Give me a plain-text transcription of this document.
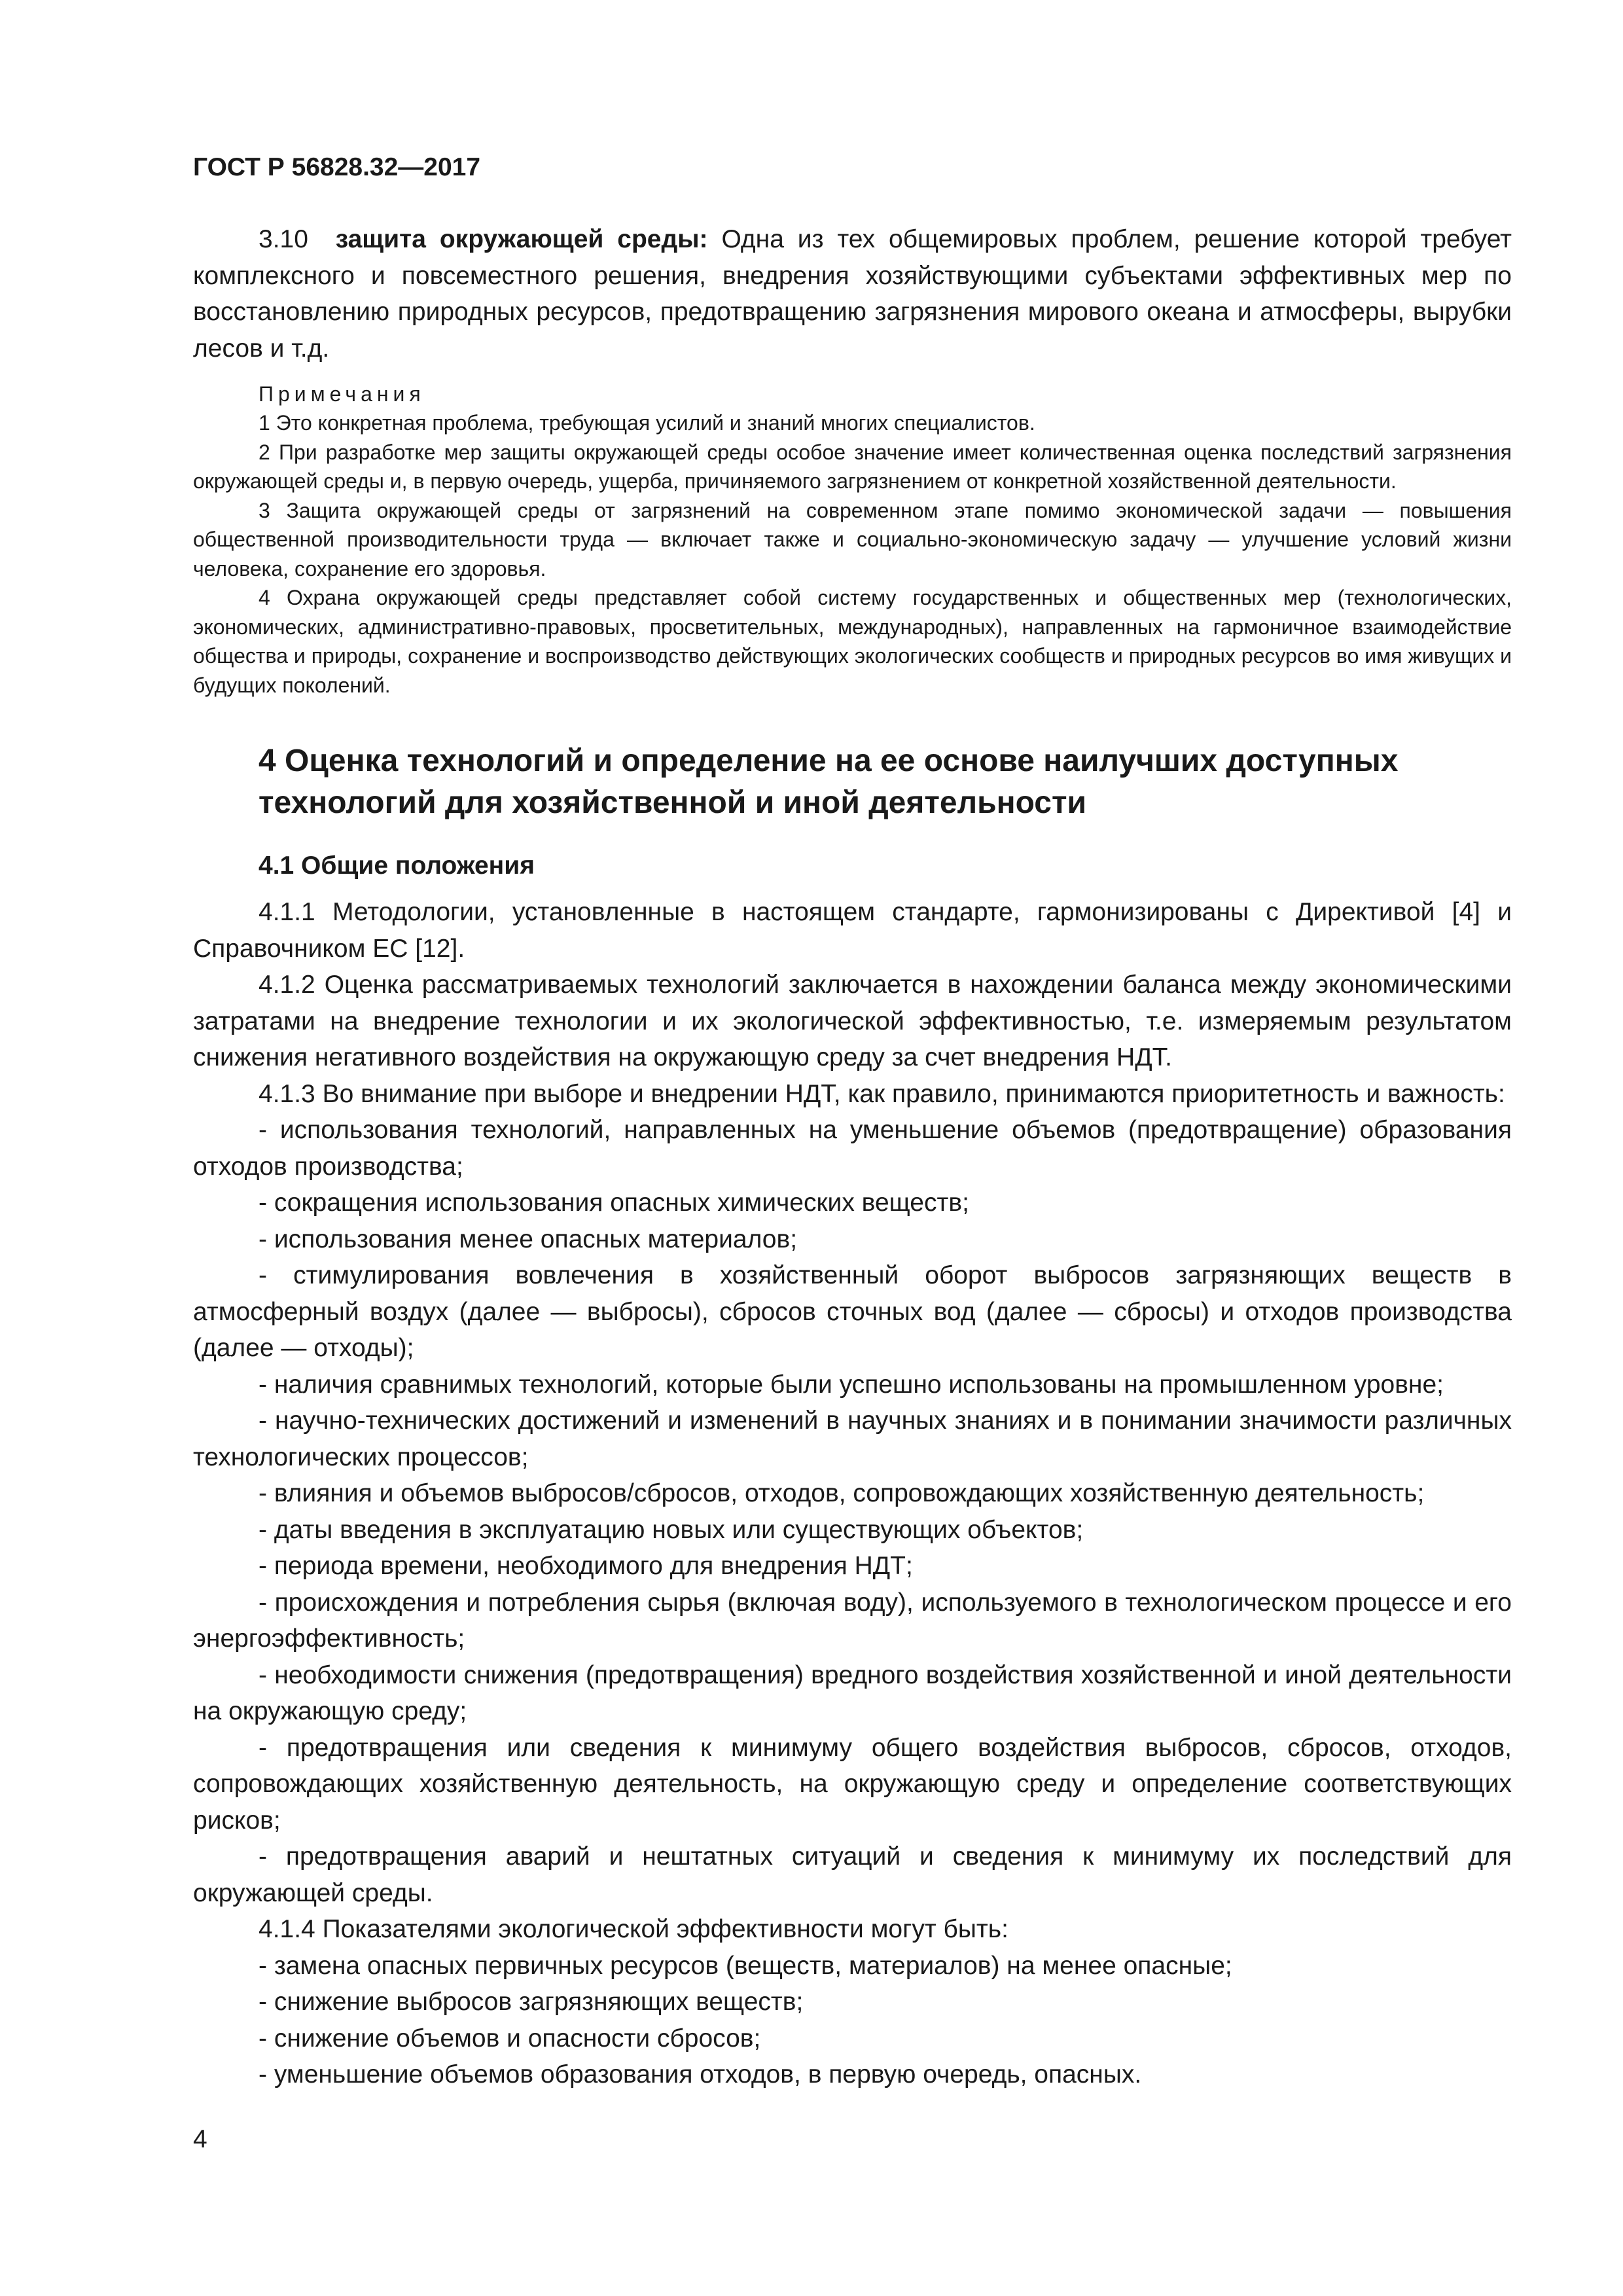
ГОСТ Р 56828.32—2017

3.10 защита окружающей среды: Одна из тех общемировых проблем, решение которой требует комплексного и повсеместного решения, внедрения хозяйствующими субъектами эффективных мер по восстановлению природных ресурсов, предотвращению загрязнения мирового океана и атмосферы, вырубки лесов и т.д.

Примечания

1 Это конкретная проблема, требующая усилий и знаний многих специалистов.

2 При разработке мер защиты окружающей среды особое значение имеет количественная оценка последствий загрязнения окружающей среды и, в первую очередь, ущерба, причиняемого загрязнением от конкретной хозяйственной деятельности.

3 Защита окружающей среды от загрязнений на современном этапе помимо экономической задачи — повышения общественной производительности труда — включает также и социально-экономическую задачу — улучшение условий жизни человека, сохранение его здоровья.

4 Охрана окружающей среды представляет собой систему государственных и общественных мер (технологических, экономических, административно-правовых, просветительных, международных), направленных на гармоничное взаимодействие общества и природы, сохранение и воспроизводство действующих экологических сообществ и природных ресурсов во имя живущих и будущих поколений.

4 Оценка технологий и определение на ее основе наилучших доступных технологий для хозяйственной и иной деятельности
4.1 Общие положения

4.1.1 Методологии, установленные в настоящем стандарте, гармонизированы с Директивой [4] и Справочником ЕС [12].

4.1.2 Оценка рассматриваемых технологий заключается в нахождении баланса между экономическими затратами на внедрение технологии и их экологической эффективностью, т.е. измеряемым результатом снижения негативного воздействия на окружающую среду за счет внедрения НДТ.

4.1.3 Во внимание при выборе и внедрении НДТ, как правило, принимаются приоритетность и важность:

- использования технологий, направленных на уменьшение объемов (предотвращение) образования отходов производства;

- сокращения использования опасных химических веществ;

- использования менее опасных материалов;

- стимулирования вовлечения в хозяйственный оборот выбросов загрязняющих веществ в атмосферный воздух (далее — выбросы), сбросов сточных вод (далее — сбросы) и отходов производства (далее — отходы);

- наличия сравнимых технологий, которые были успешно использованы на промышленном уровне;

- научно-технических достижений и изменений в научных знаниях и в понимании значимости различных технологических процессов;

- влияния и объемов выбросов/сбросов, отходов, сопровождающих хозяйственную деятельность;

- даты введения в эксплуатацию новых или существующих объектов;

- периода времени, необходимого для внедрения НДТ;

- происхождения и потребления сырья (включая воду), используемого в технологическом процессе и его энергоэффективность;

- необходимости снижения (предотвращения) вредного воздействия хозяйственной и иной деятельности на окружающую среду;

- предотвращения или сведения к минимуму общего воздействия выбросов, сбросов, отходов, сопровождающих хозяйственную деятельность, на окружающую среду и определение соответствующих рисков;

- предотвращения аварий и нештатных ситуаций и сведения к минимуму их последствий для окружающей среды.

4.1.4 Показателями экологической эффективности могут быть:

- замена опасных первичных ресурсов (веществ, материалов) на менее опасные;

- снижение выбросов загрязняющих веществ;

- снижение объемов и опасности сбросов;

- уменьшение объемов образования отходов, в первую очередь, опасных.

4
